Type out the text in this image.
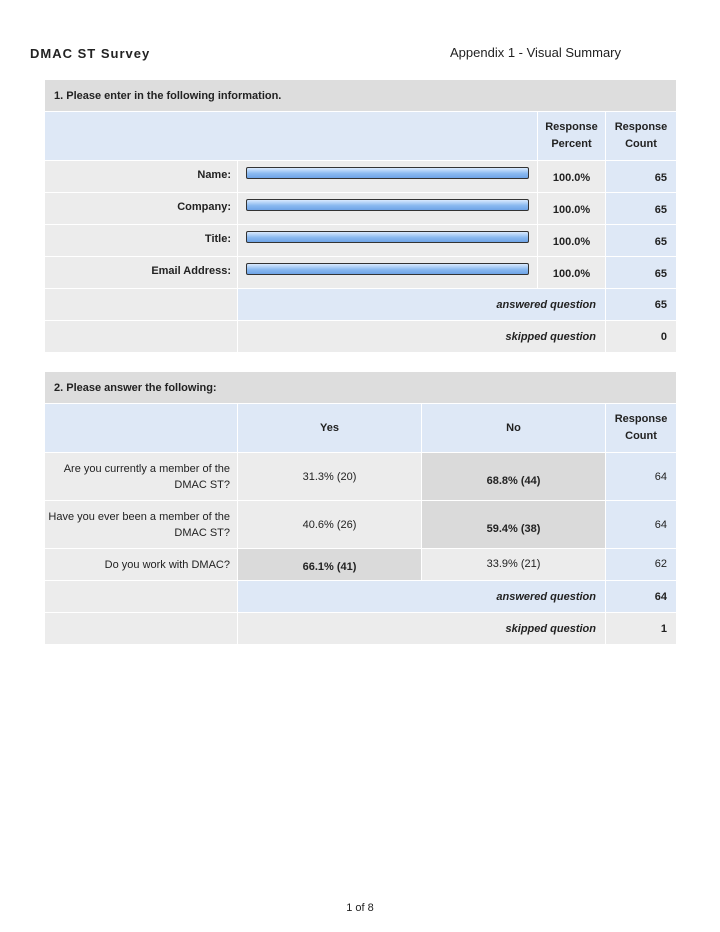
DMAC ST Survey	Appendix 1 - Visual Summary
1. Please enter in the following information.			
		Response Percent	Response Count

Name:		100.0%	65

Company:		100.0%	65

Title:		100.0%	65

Email Address:		100.0%	65

	answered question		65
	skipped question		0
2. Please answer the following:			
	Yes	No	Response Count

Are you currently a member of the DMAC ST?	31.3% (20)	68.8% (44)	64

Have you ever been a member of the DMAC ST?	40.6% (26)	59.4% (38)	64

Do you work with DMAC?	66.1% (41)	33.9% (21)	62

	answered question		64
	skipped question		1
1 of 8
